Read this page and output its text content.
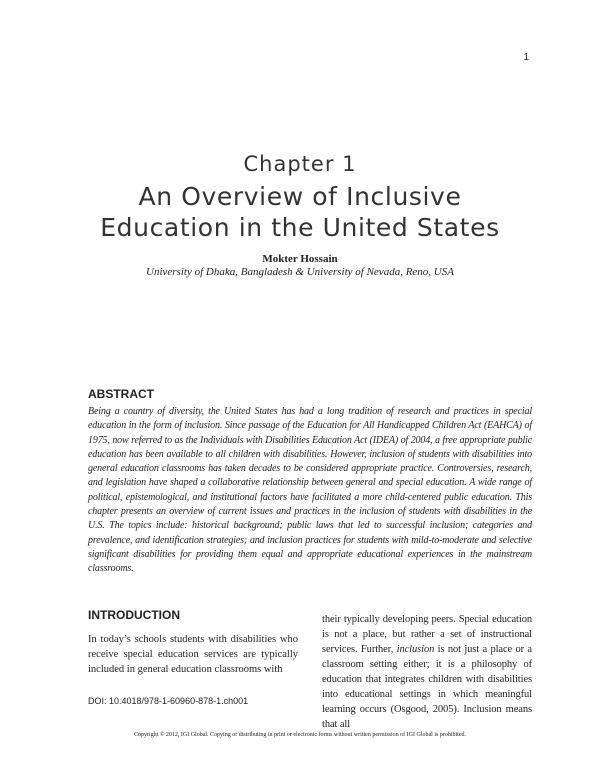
1
Chapter 1
An Overview of Inclusive
Education in the United States
Mokter Hossain
University of Dhaka, Bangladesh & University of Nevada, Reno, USA
ABSTRACT
Being a country of diversity, the United States has had a long tradition of research and practices in special education in the form of inclusion. Since passage of the Education for All Handicapped Children Act (EAHCA) of 1975, now referred to as the Individuals with Disabilities Education Act (IDEA) of 2004, a free appropriate public education has been available to all children with disabilities. However, inclusion of students with disabilities into general education classrooms has taken decades to be considered appropriate practice. Controversies, research, and legislation have shaped a collaborative relationship between general and special education. A wide range of political, epistemological, and institutional factors have facilitated a more child-centered public education. This chapter presents an overview of current issues and practices in the inclusion of students with disabilities in the U.S. The topics include: historical background; public laws that led to successful inclusion; categories and prevalence, and identification strategies; and inclusion practices for students with mild-to-moderate and selective significant disabilities for providing them equal and appropriate educational experiences in the mainstream classrooms.
INTRODUCTION
In today’s schools students with disabilities who receive special education services are typically included in general education classrooms with
their typically developing peers. Special education is not a place, but rather a set of instructional services. Further, inclusion is not just a place or a classroom setting either; it is a philosophy of education that integrates children with disabilities into educational settings in which meaningful learning occurs (Osgood, 2005). Inclusion means that all
DOI: 10.4018/978-1-60960-878-1.ch001
Copyright © 2012, IGI Global. Copying or distributing in print or electronic forms without written permission of IGI Global is prohibited.
